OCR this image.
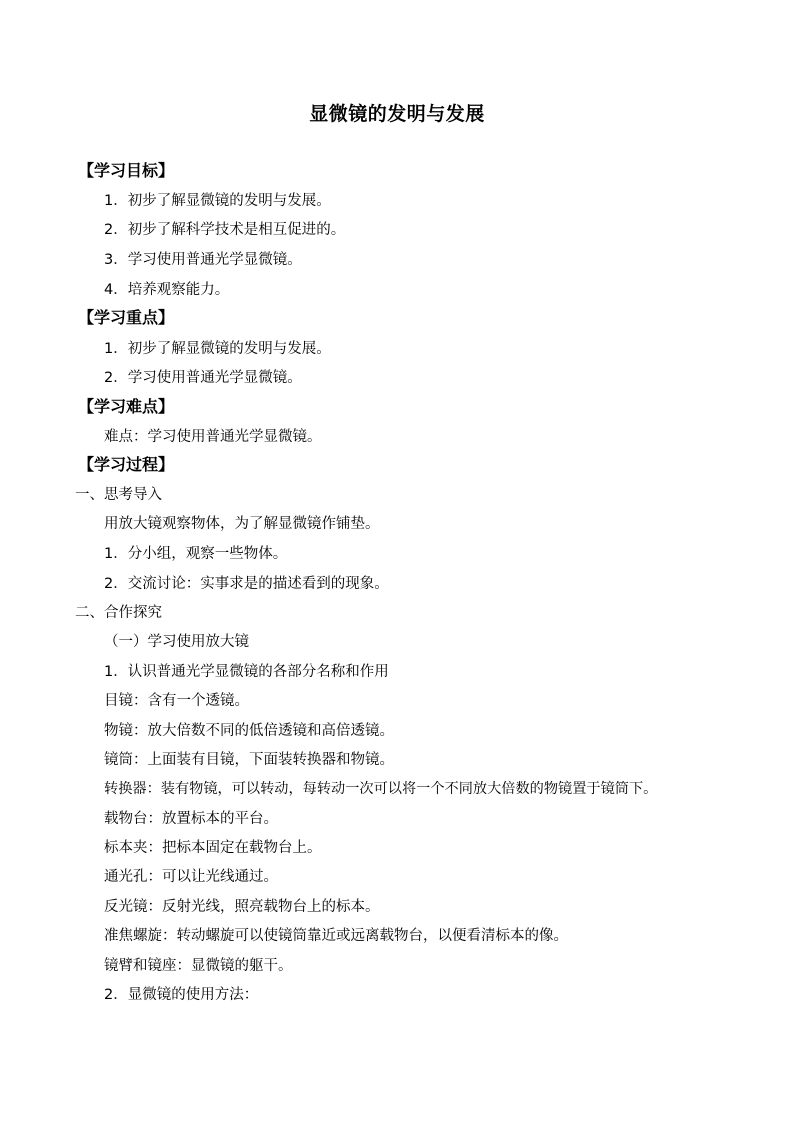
显微镜的发明与发展
【学习目标】
1．初步了解显微镜的发明与发展。
2．初步了解科学技术是相互促进的。
3．学习使用普通光学显微镜。
4．培养观察能力。
【学习重点】
1．初步了解显微镜的发明与发展。
2．学习使用普通光学显微镜。
【学习难点】
难点：学习使用普通光学显微镜。
【学习过程】
一、思考导入
用放大镜观察物体，为了解显微镜作铺垫。
1．分小组，观察一些物体。
2．交流讨论：实事求是的描述看到的现象。
二、合作探究
（一）学习使用放大镜
1．认识普通光学显微镜的各部分名称和作用
目镜：含有一个透镜。
物镜：放大倍数不同的低倍透镜和高倍透镜。
镜筒：上面装有目镜，下面装转换器和物镜。
转换器：装有物镜，可以转动，每转动一次可以将一个不同放大倍数的物镜置于镜筒下。
载物台：放置标本的平台。
标本夹：把标本固定在载物台上。
通光孔：可以让光线通过。
反光镜：反射光线，照亮载物台上的标本。
准焦螺旋：转动螺旋可以使镜筒靠近或远离载物台，以便看清标本的像。
镜臂和镜座：显微镜的躯干。
2．显微镜的使用方法：
